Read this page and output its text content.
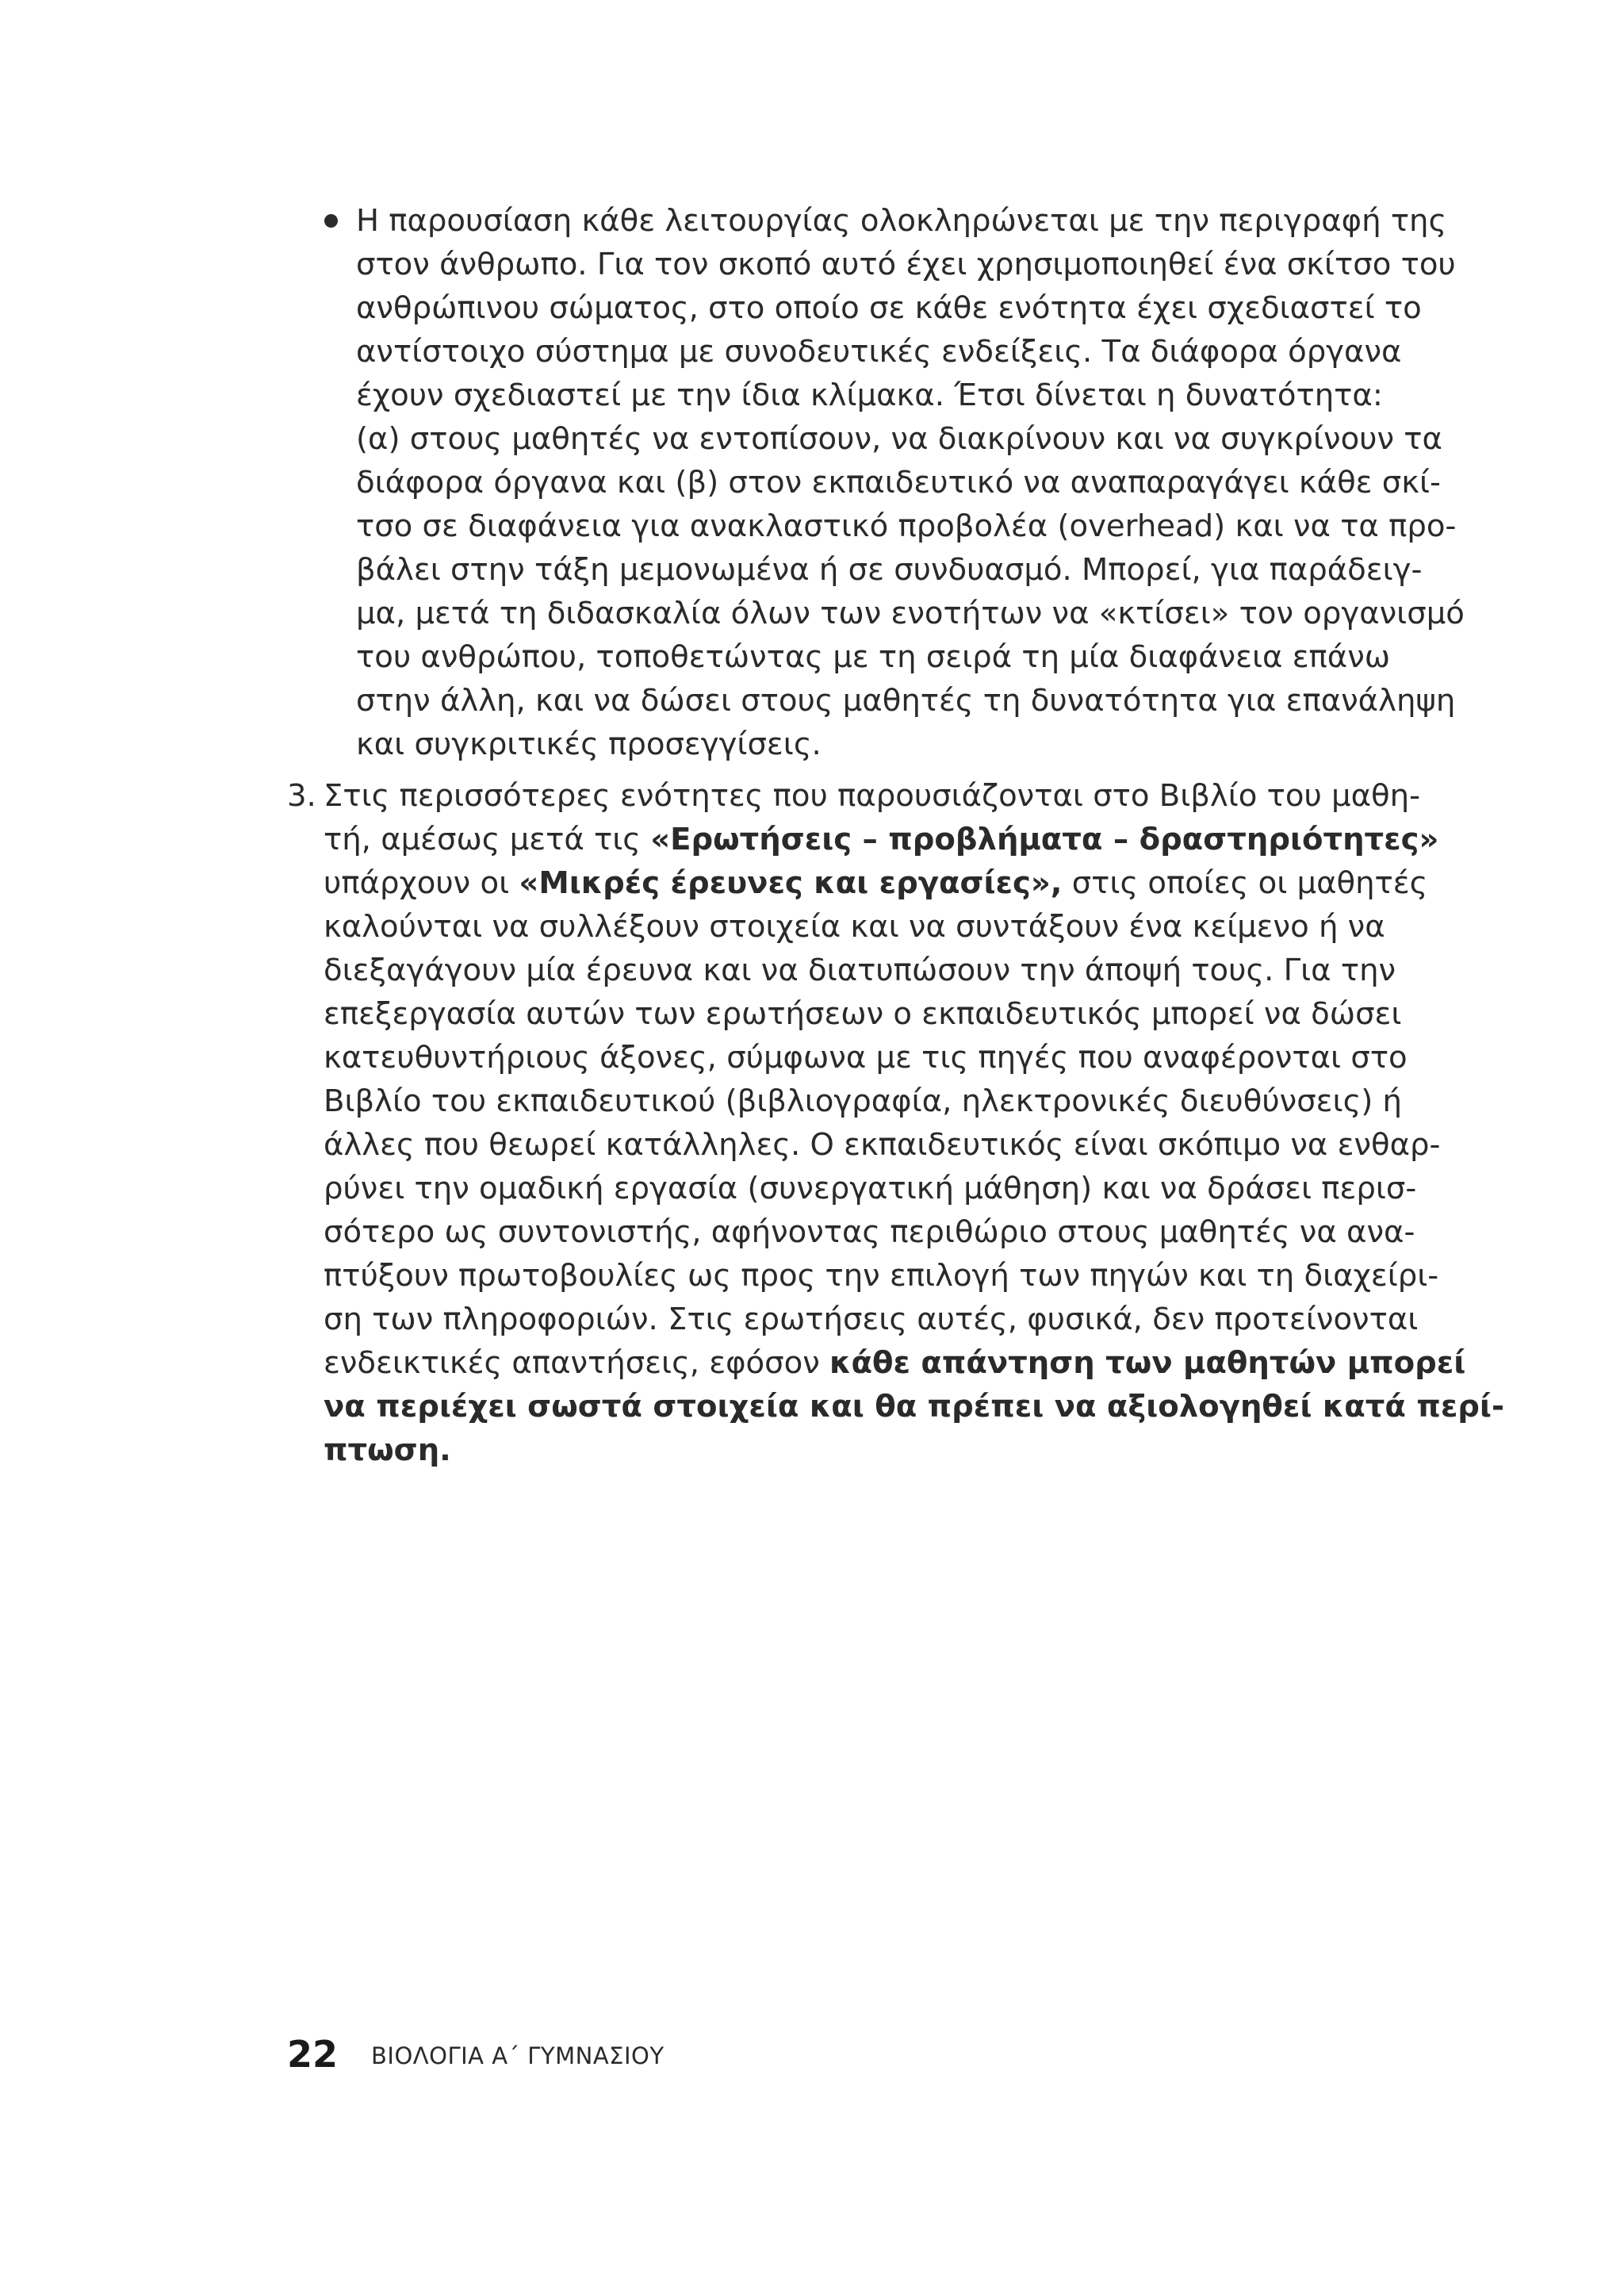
Η παρουσίαση κάθε λειτουργίας ολοκληρώνεται με την περιγραφή της
στον άνθρωπο. Για τον σκοπό αυτό έχει χρησιμοποιηθεί ένα σκίτσο του
ανθρώπινου σώματος, στο οποίο σε κάθε ενότητα έχει σχεδιαστεί το
αντίστοιχο σύστημα με συνοδευτικές ενδείξεις. Τα διάφορα όργανα
έχουν σχεδιαστεί με την ίδια κλίμακα. Έτσι δίνεται η δυνατότητα:
(α) στους μαθητές να εντοπίσουν, να διακρίνουν και να συγκρίνουν τα
διάφορα όργανα και (β) στον εκπαιδευτικό να αναπαραγάγει κάθε σκί-
τσο σε διαφάνεια για ανακλαστικό προβολέα (overhead) και να τα προ-
βάλει στην τάξη μεμονωμένα ή σε συνδυασμό. Μπορεί, για παράδειγ-
μα, μετά τη διδασκαλία όλων των ενοτήτων να «κτίσει» τον οργανισμό
του ανθρώπου, τοποθετώντας με τη σειρά τη μία διαφάνεια επάνω
στην άλλη, και να δώσει στους μαθητές τη δυνατότητα για επανάληψη
και συγκριτικές προσεγγίσεις.
3. Στις περισσότερες ενότητες που παρουσιάζονται στο Βιβλίο του μαθη-
τή, αμέσως μετά τις «Ερωτήσεις – προβλήματα – δραστηριότητες»
υπάρχουν οι «Μικρές έρευνες και εργασίες», στις οποίες οι μαθητές
καλούνται να συλλέξουν στοιχεία και να συντάξουν ένα κείμενο ή να
διεξαγάγουν μία έρευνα και να διατυπώσουν την άποψή τους. Για την
επεξεργασία αυτών των ερωτήσεων ο εκπαιδευτικός μπορεί να δώσει
κατευθυντήριους άξονες, σύμφωνα με τις πηγές που αναφέρονται στο
Βιβλίο του εκπαιδευτικού (βιβλιογραφία, ηλεκτρονικές διευθύνσεις) ή
άλλες που θεωρεί κατάλληλες. Ο εκπαιδευτικός είναι σκόπιμο να ενθαρ-
ρύνει την ομαδική εργασία (συνεργατική μάθηση) και να δράσει περισ-
σότερο ως συντονιστής, αφήνοντας περιθώριο στους μαθητές να ανα-
πτύξουν πρωτοβουλίες ως προς την επιλογή των πηγών και τη διαχείρι-
ση των πληροφοριών. Στις ερωτήσεις αυτές, φυσικά, δεν προτείνονται
ενδεικτικές απαντήσεις, εφόσον κάθε απάντηση των μαθητών μπορεί
να περιέχει σωστά στοιχεία και θα πρέπει να αξιολογηθεί κατά περί-
πτωση.
22 ΒΙΟΛΟΓΙΑ Α΄ ΓΥΜΝΑΣΙΟΥ
